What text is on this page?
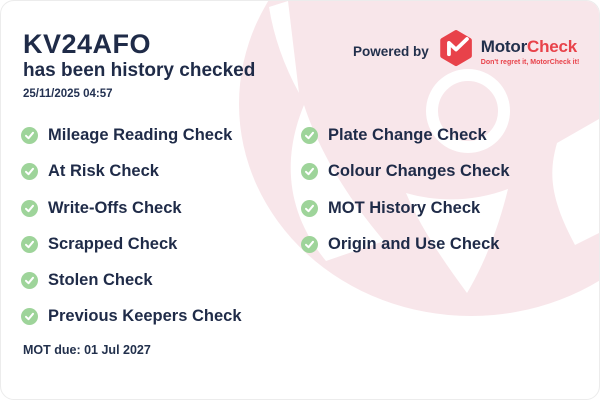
KV24AFO
has been history checked
25/11/2025 04:57
Powered by	MotorCheck
Don't regret it, MotorCheck it!
Mileage Reading Check
At Risk Check
Write-Offs Check
Scrapped Check
Stolen Check
Previous Keepers Check
Plate Change Check
Colour Changes Check
MOT History Check
Origin and Use Check
MOT due: 01 Jul 2027
